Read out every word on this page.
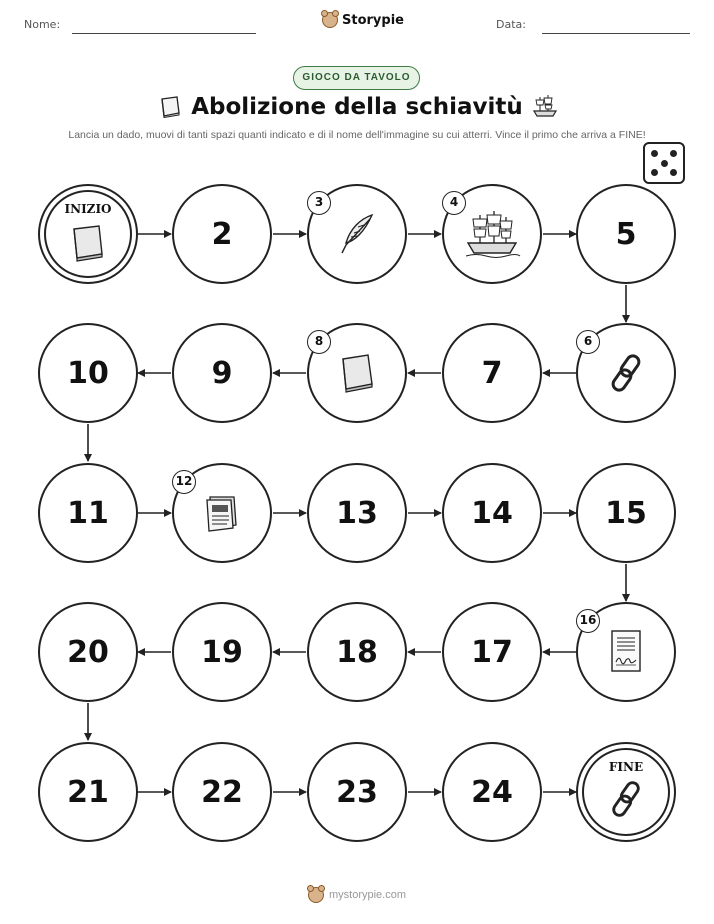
Nome:	Storypie	Data:
GIOCO DA TAVOLO
Abolizione della schiavitù
Lancia un dado, muovi di tanti spazi quanti indicato e di il nome dell'immagine su cui atterri. Vince il primo che arriva a FINE!
INIZIO
2
3	4
5
10	9
8
7
6
11
12
13	14	15
20	19	18	17
16
21	22	23	24
FINE
mystorypie.com
